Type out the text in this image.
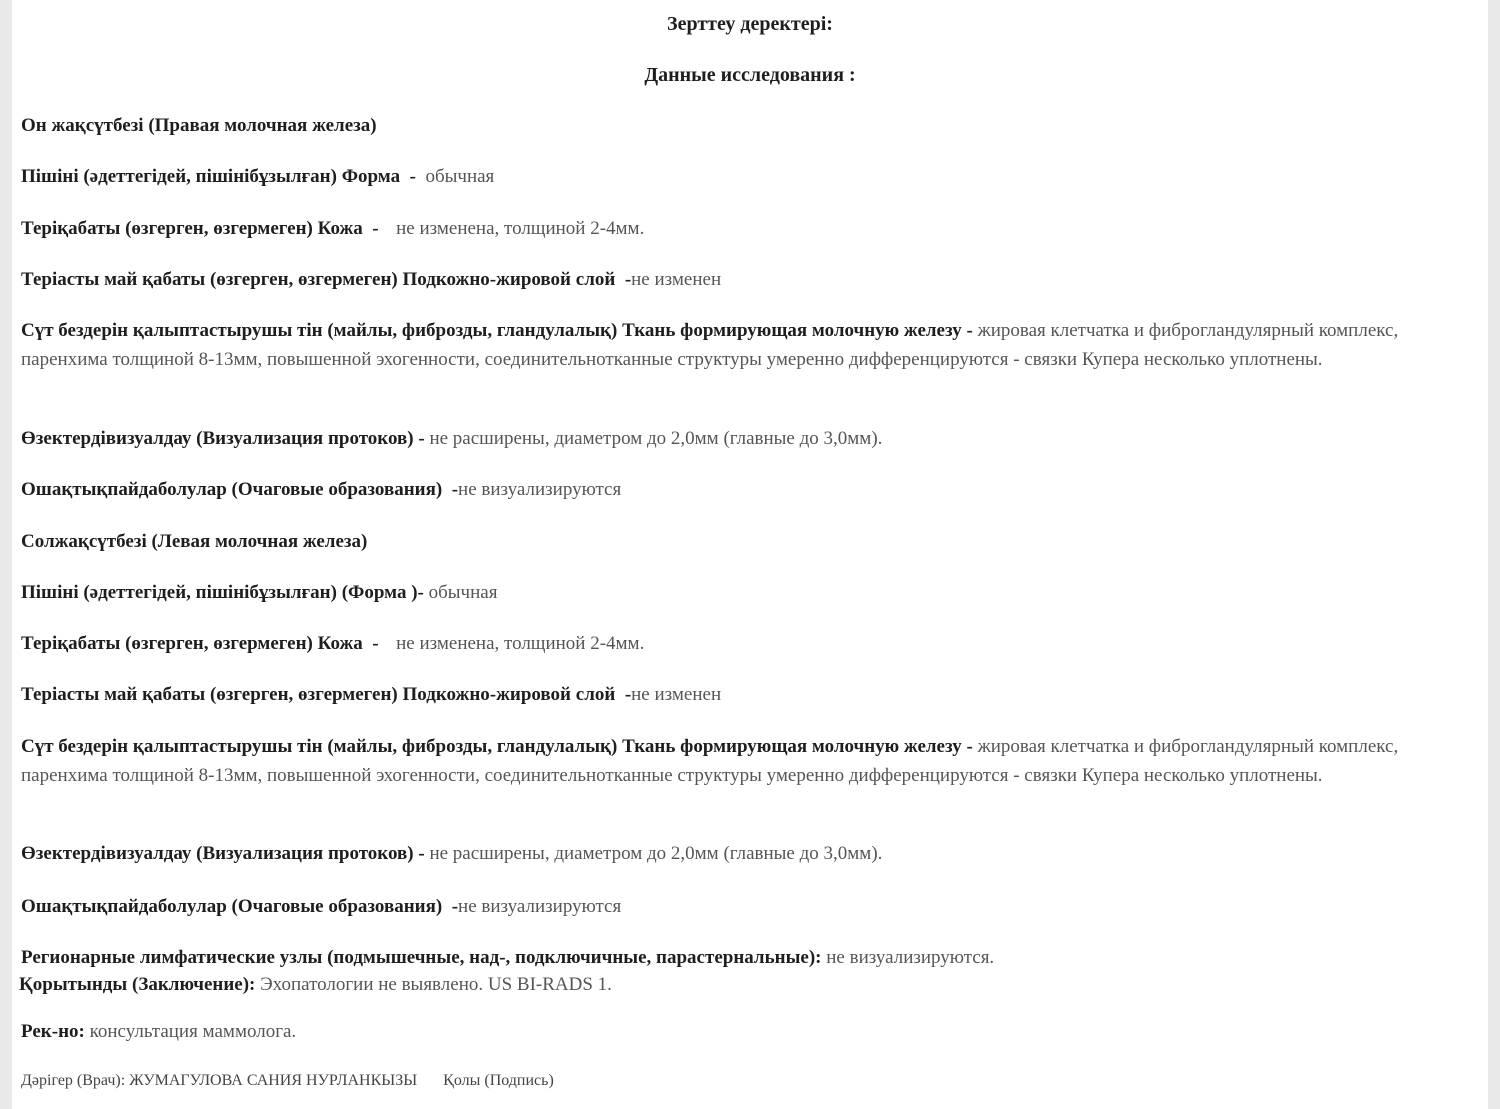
Зерттеу деректері:
Данные исследования :
Он жақсүтбезі (Правая молочная железа)
Пішіні (әдеттегідей, пішінібұзылған) Форма  -  обычная
Теріқабаты (өзгерген, өзгермеген) Кожа  -  не изменена, толщиной 2-4мм.
Теріасты май қабаты (өзгерген, өзгермеген) Подкожно-жировой слой  -не изменен
Сүт бездерін қалыптастырушы тін (майлы, фиброзды, гландулалық) Ткань формирующая молочную железу - жировая клетчатка и фиброгландулярный комплекс, паренхима толщиной 8-13мм, повышенной эхогенности, соединительнотканные структуры умеренно дифференцируются - связки Купера несколько уплотнены.
Өзектердівизуалдау (Визуализация протоков) - не расширены, диаметром до 2,0мм (главные до 3,0мм).
Ошақтықпайдаболулар (Очаговые образования)  -не визуализируются
Солжақсүтбезі (Левая молочная железа)
Пішіні (әдеттегідей, пішінібұзылған) (Форма )- обычная
Теріқабаты (өзгерген, өзгермеген) Кожа  -  не изменена, толщиной 2-4мм.
Теріасты май қабаты (өзгерген, өзгермеген) Подкожно-жировой слой  -не изменен
Сүт бездерін қалыптастырушы тін (майлы, фиброзды, гландулалық) Ткань формирующая молочную железу - жировая клетчатка и фиброгландулярный комплекс, паренхима толщиной 8-13мм, повышенной эхогенности, соединительнотканные структуры умеренно дифференцируются - связки Купера несколько уплотнены.
Өзектердівизуалдау (Визуализация протоков) - не расширены, диаметром до 2,0мм (главные до 3,0мм).
Ошақтықпайдаболулар (Очаговые образования)  -не визуализируются
Регионарные лимфатические узлы (подмышечные, над-, подключичные, парастернальные): не визуализируются.
Қорытынды (Заключение): Эхопатологии не выявлено. US BI-RADS 1.
Рек-но: консультация маммолога.
Дәрігер (Врач): ЖУМАГУЛОВА САНИЯ НУРЛАНКЫЗЫ Қолы (Подпись)
